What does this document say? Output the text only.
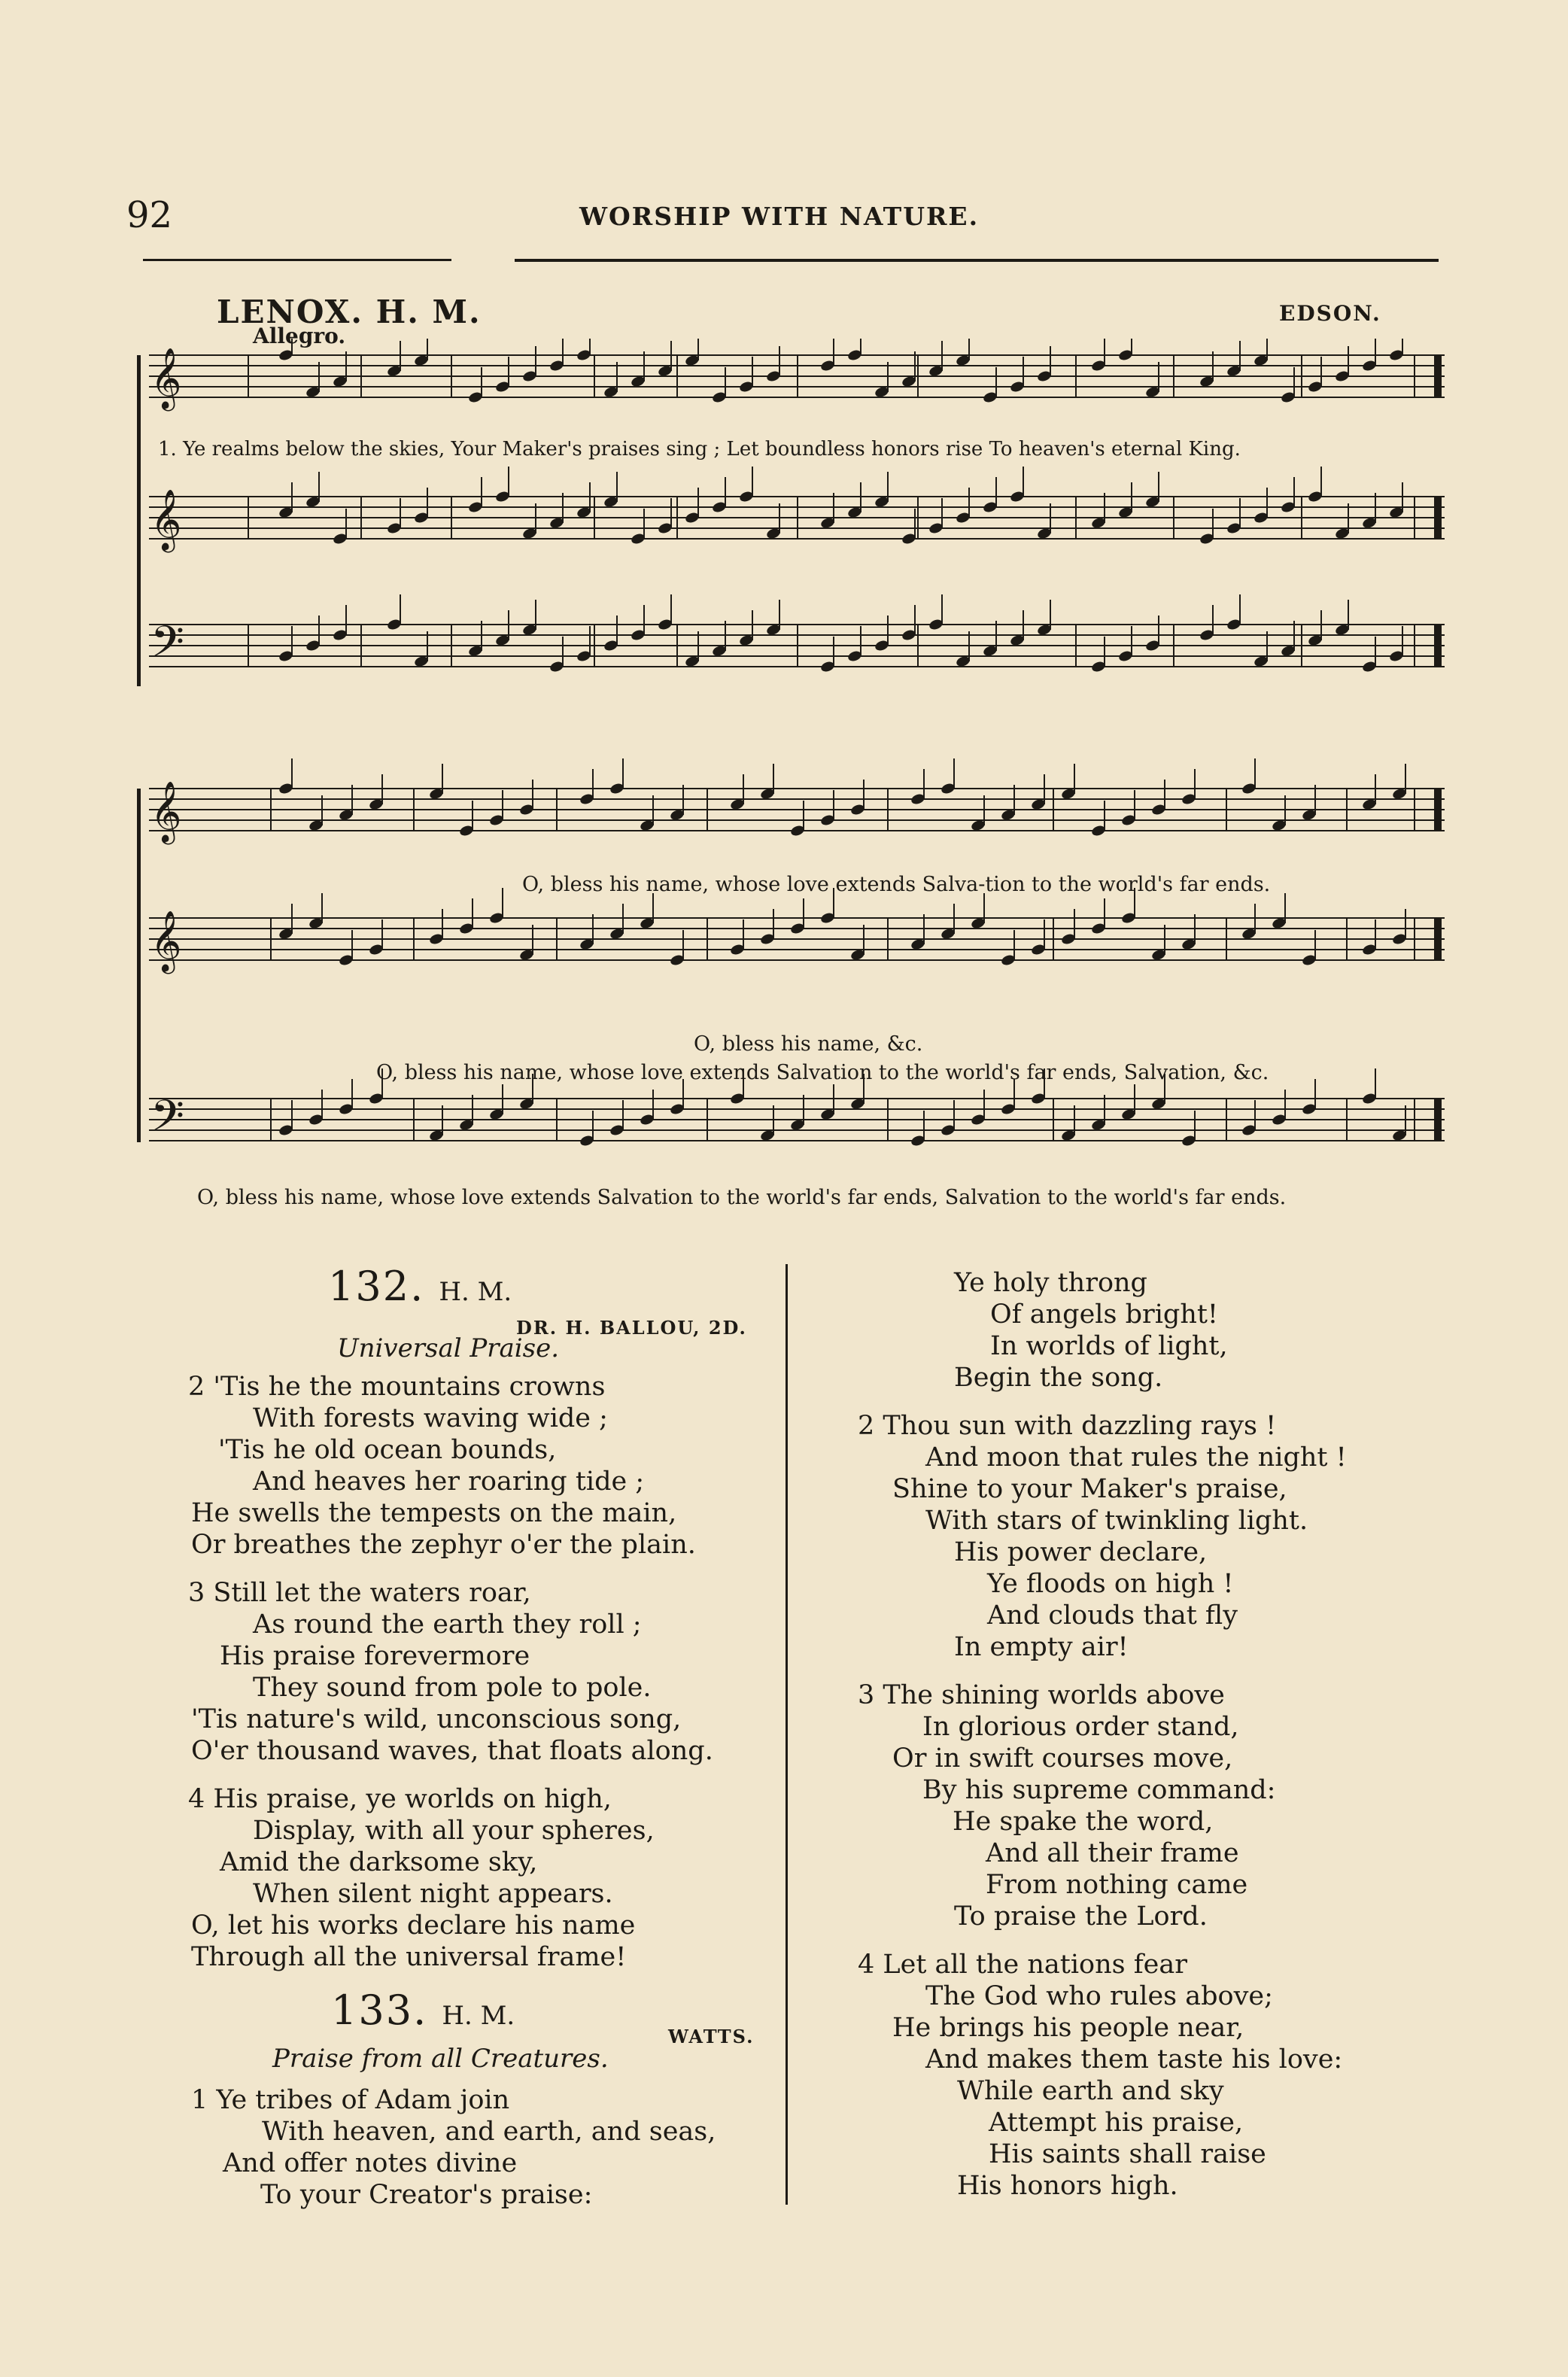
92	WORSHIP WITH NATURE.
LENOX. H. M.	EDSON.
Allegro.
𝄞
𝄞
𝄢
𝄞
𝄞
𝄢
1. Ye realms below the skies, Your Maker's praises sing ; Let boundless honors rise To heaven's eternal King.
O, bless his name, whose love extends Salva-tion to the world's far ends.
O, bless his name, &c.
O, bless his name, whose love extends Salvation to the world's far ends, Salvation, &c.
O, bless his name, whose love extends Salvation to the world's far ends, Salvation to the world's far ends.
132. H. M.
DR. H. BALLOU, 2D.
Universal Praise.
2 'Tis he the mountains crowns
With forests waving wide ;
'Tis he old ocean bounds,
And heaves her roaring tide ;
He swells the tempests on the main,
Or breathes the zephyr o'er the plain.
3 Still let the waters roar,
As round the earth they roll ;
His praise forevermore
They sound from pole to pole.
'Tis nature's wild, unconscious song,
O'er thousand waves, that floats along.
4 His praise, ye worlds on high,
Display, with all your spheres,
Amid the darksome sky,
When silent night appears.
O, let his works declare his name
Through all the universal frame!
133. H. M.
WATTS.
Praise from all Creatures.
1 Ye tribes of Adam join
With heaven, and earth, and seas,
And offer notes divine
To your Creator's praise:
Ye holy throng
Of angels bright!
In worlds of light,
Begin the song.
2 Thou sun with dazzling rays !
And moon that rules the night !
Shine to your Maker's praise,
With stars of twinkling light.
His power declare,
Ye floods on high !
And clouds that fly
In empty air!
3 The shining worlds above
In glorious order stand,
Or in swift courses move,
By his supreme command:
He spake the word,
And all their frame
From nothing came
To praise the Lord.
4 Let all the nations fear
The God who rules above;
He brings his people near,
And makes them taste his love:
While earth and sky
Attempt his praise,
His saints shall raise
His honors high.
